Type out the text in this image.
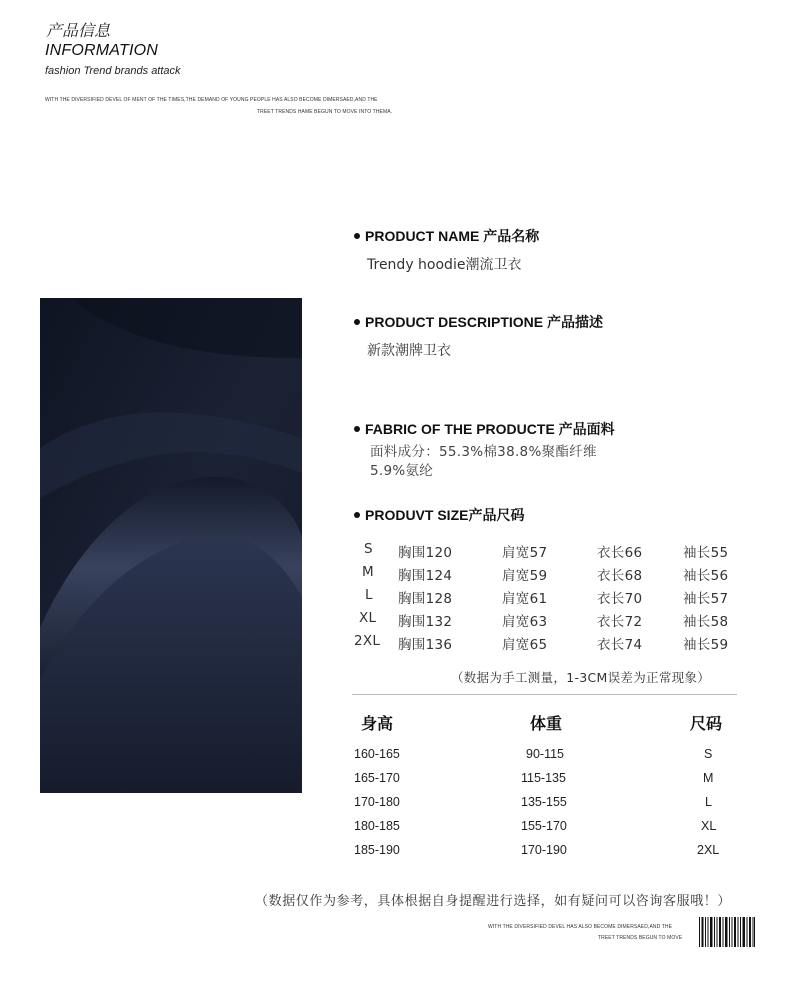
产品信息
INFORMATION
fashion Trend brands attack
WITH THE DIVERSIFIED DEVEL OF MENT OF THE TIMES,THE DEMAND OF YOUNG PEOPLE HAS ALSO BECOME DIMERSAED,AND THE
TREET TRENDS HAME BEGUN TO MOVE INTO THEMA.
PRODUCT NAME 产品名称
Trendy hoodie潮流卫衣
PRODUCT DESCRIPTIONE 产品描述
新款潮牌卫衣
FABRIC OF THE PRODUCTE 产品面料
面料成分：55.3%棉38.8%聚酯纤维
5.9%氨纶
PRODUVT SIZE产品尺码
S 胸围120	肩宽57	衣长66	袖长55
M 胸围124	肩宽59	衣长68	袖长56
L 胸围128	肩宽61	衣长70	袖长57
XL 胸围132	肩宽63	衣长72	袖长58
2XL 胸围136	肩宽65	衣长74	袖长59
（数据为手工测量，1-3CM误差为正常现象）
身高	体重	尺码
160-165	90-115	S
165-170	115-135	M
170-180	135-155	L
180-185	155-170	XL
185-190	170-190	2XL
（数据仅作为参考，具体根据自身提醒进行选择，如有疑问可以咨询客服哦！）
WITH THE DIVERSIFIED DEVEL HAS ALSO BECOME DIMERSAED,AND THE
TREET TRENDS BEGUN TO MOVE
